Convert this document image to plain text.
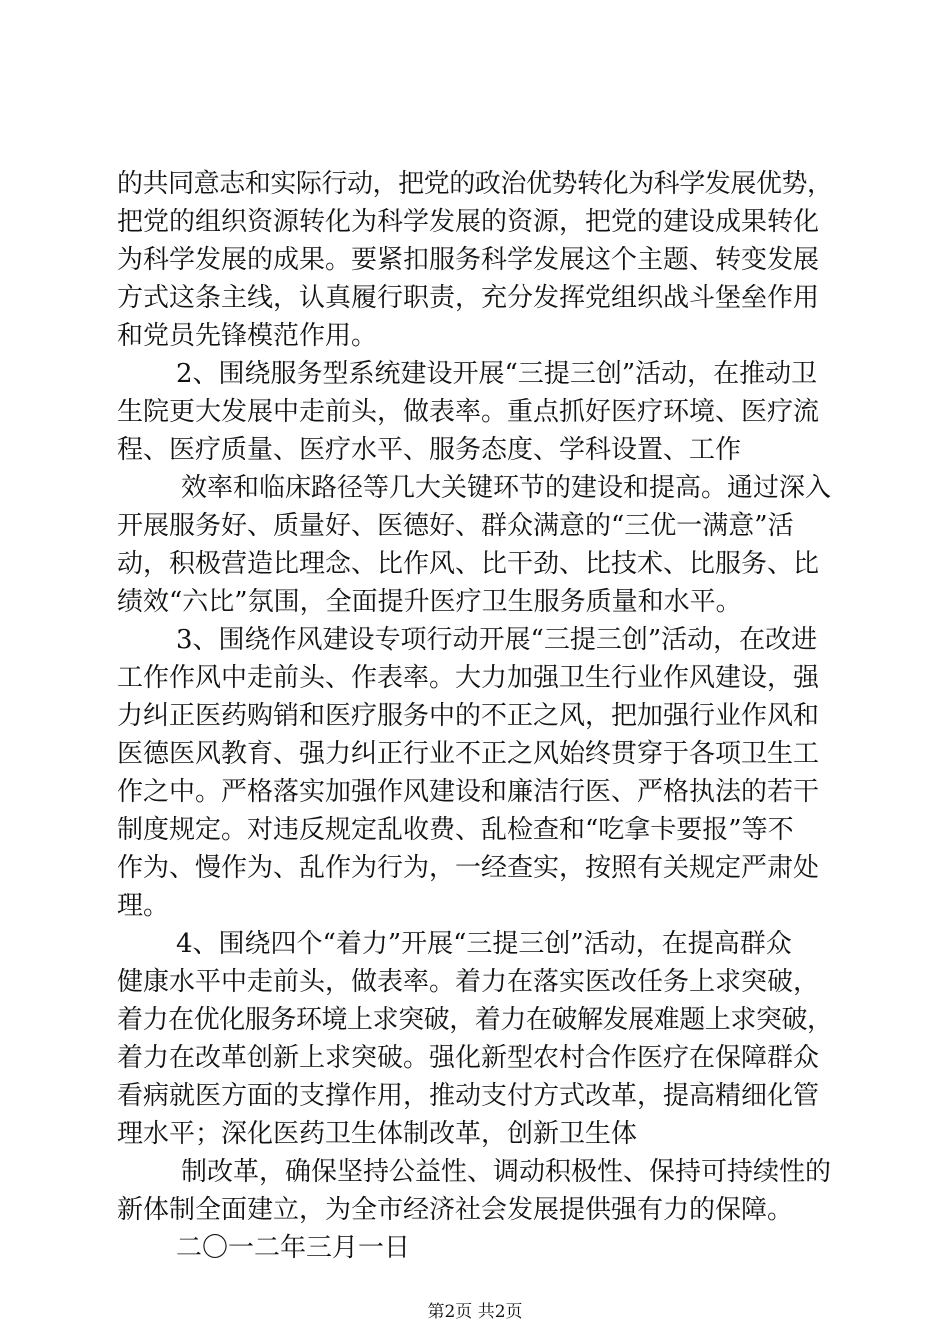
的共同意志和实际行动，把党的政治优势转化为科学发展优势，
把党的组织资源转化为科学发展的资源，把党的建设成果转化
为科学发展的成果。要紧扣服务科学发展这个主题、转变发展
方式这条主线，认真履行职责，充分发挥党组织战斗堡垒作用
和党员先锋模范作用。
2、围绕服务型系统建设开展“三提三创”活动，在推动卫
生院更大发展中走前头，做表率。重点抓好医疗环境、医疗流
程、医疗质量、医疗水平、服务态度、学科设置、工作
效率和临床路径等几大关键环节的建设和提高。通过深入
开展服务好、质量好、医德好、群众满意的“三优一满意”活
动，积极营造比理念、比作风、比干劲、比技术、比服务、比
绩效“六比”氛围，全面提升医疗卫生服务质量和水平。
3、围绕作风建设专项行动开展“三提三创”活动，在改进
工作作风中走前头、作表率。大力加强卫生行业作风建设，强
力纠正医药购销和医疗服务中的不正之风，把加强行业作风和
医德医风教育、强力纠正行业不正之风始终贯穿于各项卫生工
作之中。严格落实加强作风建设和廉洁行医、严格执法的若干
制度规定。对违反规定乱收费、乱检查和“吃拿卡要报”等不
作为、慢作为、乱作为行为，一经查实，按照有关规定严肃处
理。
4、围绕四个“着力”开展“三提三创”活动，在提高群众
健康水平中走前头，做表率。着力在落实医改任务上求突破，
着力在优化服务环境上求突破，着力在破解发展难题上求突破，
着力在改革创新上求突破。强化新型农村合作医疗在保障群众
看病就医方面的支撑作用，推动支付方式改革，提高精细化管
理水平；深化医药卫生体制改革，创新卫生体
制改革，确保坚持公益性、调动积极性、保持可持续性的
新体制全面建立，为全市经济社会发展提供强有力的保障。
二〇一二年三月一日
第2页 共2页
